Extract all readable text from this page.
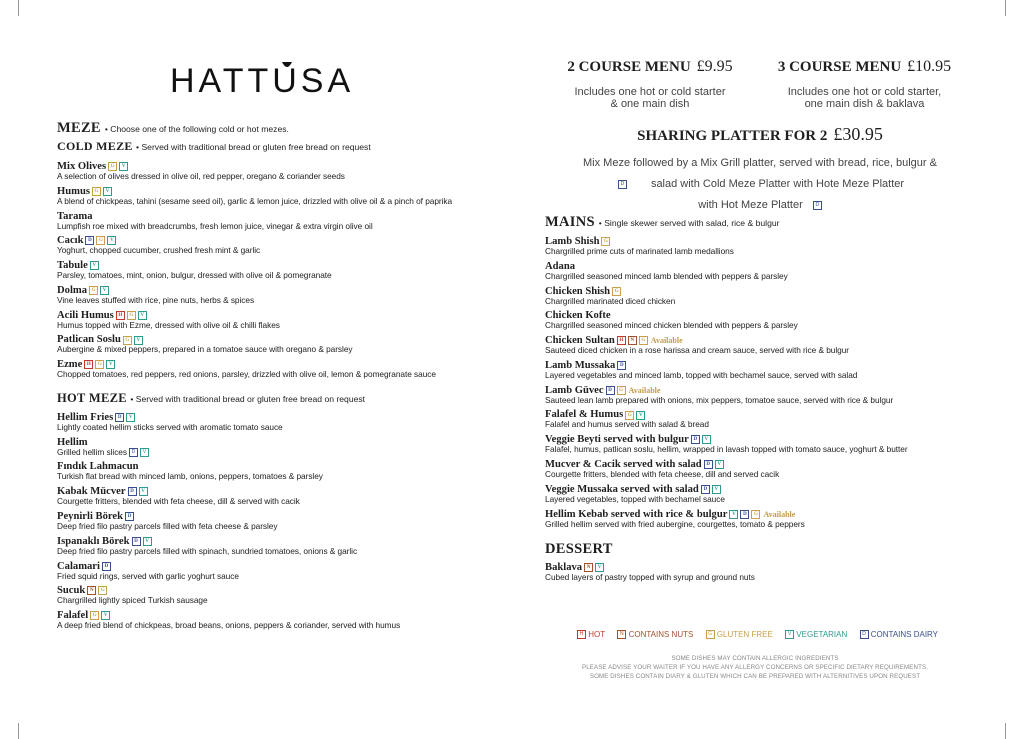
HATTUSA
MEZE • Choose one of the following cold or hot mezes.
COLD MEZE • Served with traditional bread or gluten free bread on request
Mix Olives G V
A selection of olives dressed in olive oil, red pepper, oregano & coriander seeds
Humus G V
A blend of chickpeas, tahini (sesame seed oil), garlic & lemon juice, drizzled with olive oil & a pinch of paprika
Tarama
Lumpfish roe mixed with breadcrumbs, fresh lemon juice, vinegar & extra virgin olive oil
Cacık D G V
Yoghurt, chopped cucumber, crushed fresh mint & garlic
Tabule V
Parsley, tomatoes, mint, onion, bulgur, dressed with olive oil & pomegranate
Dolma G V
Vine leaves stuffed with rice, pine nuts, herbs & spices
Acili Humus H G V
Humus topped with Ezme, dressed with olive oil & chilli flakes
Patlican Soslu G V
Aubergine & mixed peppers, prepared in a tomatoe sauce with oregano & parsley
Ezme H G V
Chopped tomatoes, red peppers, red onions, parsley, drizzled with olive oil, lemon & pomegranate sauce
HOT MEZE • Served with traditional bread or gluten free bread on request
Hellim Fries D V
Lightly coated hellim sticks served with aromatic tomato sauce
Hellim
Grilled hellim slices D V
Fındık Lahmacun
Turkish flat bread with minced lamb, onions, peppers, tomatoes & parsley
Kabak Mücver D V
Courgette fritters, blended with feta cheese, dill & served with cacik
Peynirli Börek D
Deep fried filo pastry parcels filled with feta cheese & parsley
Ispanaklı Börek D V
Deep fried filo pastry parcels filled with spinach, sundried tomatoes, onions & garlic
Calamari D
Fried squid rings, served with garlic yoghurt sauce
Sucuk N G
Chargrilled lightly spiced Turkish sausage
Falafel G V
A deep fried blend of chickpeas, broad beans, onions, peppers & coriander, served with humus
2 COURSE MENU £9.95
Includes one hot or cold starter
& one main dish
3 COURSE MENU £10.95
Includes one hot or cold starter,
one main dish & baklava
SHARING PLATTER FOR 2 £30.95
Mix Meze followed by a Mix Grill platter, served with bread, rice, bulgur &
D salad with Cold Meze Platter with Hote Meze Platter
with Hot Meze Platter	D
MAINS • Single skewer served with salad, rice & bulgur
Lamb Shish G
Chargrilled prime cuts of marinated lamb medallions
Adana
Chargrilled seasoned minced lamb blended with peppers & parsley
Chicken Shish G
Chargrilled marinated diced chicken
Chicken Kofte
Chargrilled seasoned minced chicken blended with peppers & parsley
Chicken Sultan H N G Available
Sauteed diced chicken in a rose harissa and cream sauce, served with rice & bulgur
Lamb Mussaka D
Layered vegetables and minced lamb, topped with bechamel sauce, served with salad
Lamb Güvec D G Available
Sauteed lean lamb prepared with onions, mix peppers, tomatoe sauce, served with rice & bulgur
Falafel & Humus G V
Falafel and humus served with salad & bread
Veggie Beyti served with bulgur D V
Falafel, humus, patlican soslu, hellim, wrapped in lavash topped with tomato sauce, yoghurt & butter
Mucver & Cacik served with salad D V
Courgette fritters, blended with feta cheese, dill and served cacik
Veggie Mussaka served with salad D V
Layered vegetables, topped with bechamel sauce
Hellim Kebab served with rice & bulgur V D G Available
Grilled hellim served with fried aubergine, courgettes, tomato & peppers
DESSERT
Baklava N V
Cubed layers of pastry topped with syrup and ground nuts
H HOT	N CONTAINS NUTS	G GLUTEN FREE	V VEGETARIAN	D CONTAINS DAIRY
SOME DISHES MAY CONTAIN ALLERGIC INGREDIENTS
PLEASE ADVISE YOUR WAITER IF YOU HAVE ANY ALLERGY CONCERNS OR SPECIFIC DIETARY REQUIREMENTS.
SOME DISHES CONTAIN DIARY & GLUTEN WHICH CAN BE PREPARED WITH ALTERNITIVES UPON REQUEST
